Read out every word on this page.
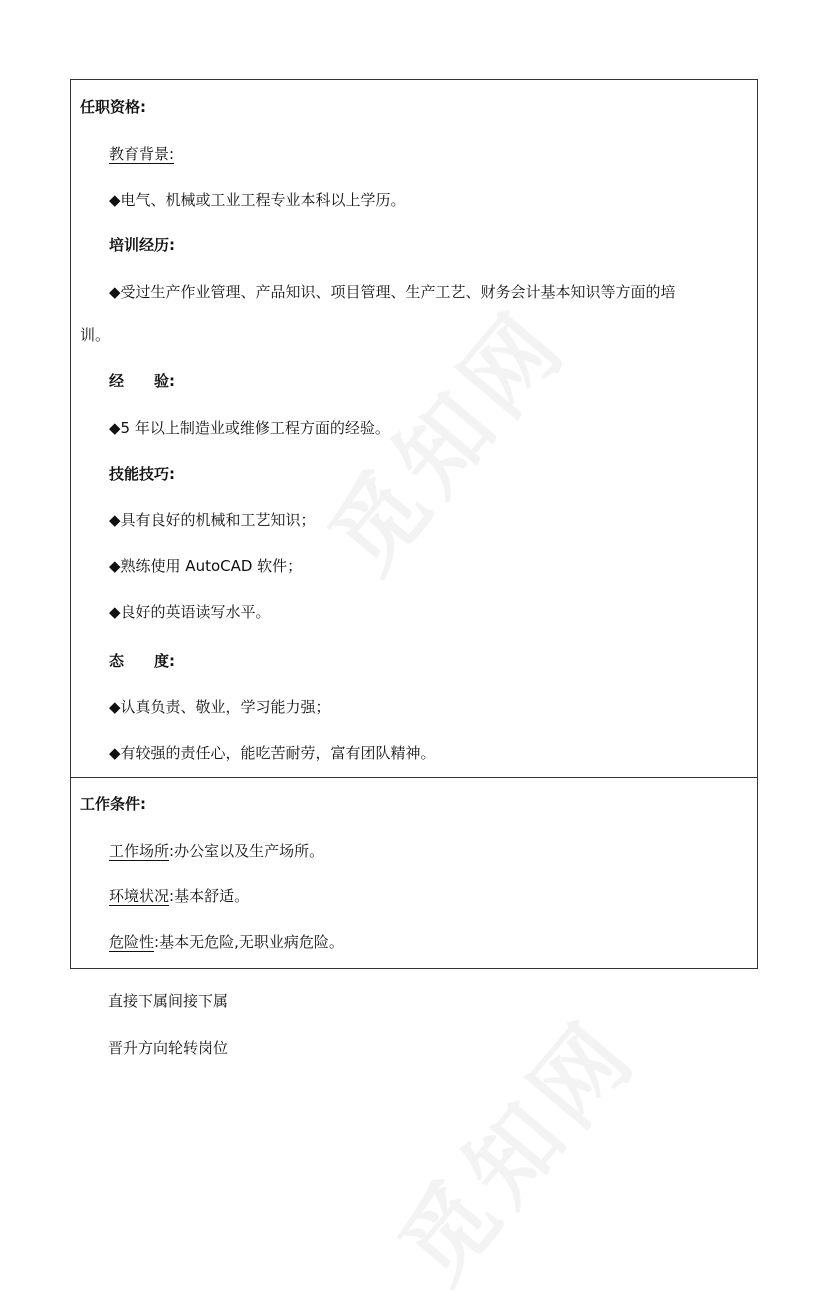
任职资格:
教育背景:
◆电气、机械或工业工程专业本科以上学历。
培训经历:
◆受过生产作业管理、产品知识、项目管理、生产工艺、财务会计基本知识等方面的培
训。
经　　验:
◆5 年以上制造业或维修工程方面的经验。
技能技巧:
◆具有良好的机械和工艺知识；
◆熟练使用 AutoCAD 软件；
◆良好的英语读写水平。
态　　度:
◆认真负责、敬业，学习能力强；
◆有较强的责任心，能吃苦耐劳，富有团队精神。
工作条件:
工作场所:办公室以及生产场所。
环境状况:基本舒适。
危险性:基本无危险,无职业病危险。
直接下属间接下属
晋升方向轮转岗位
